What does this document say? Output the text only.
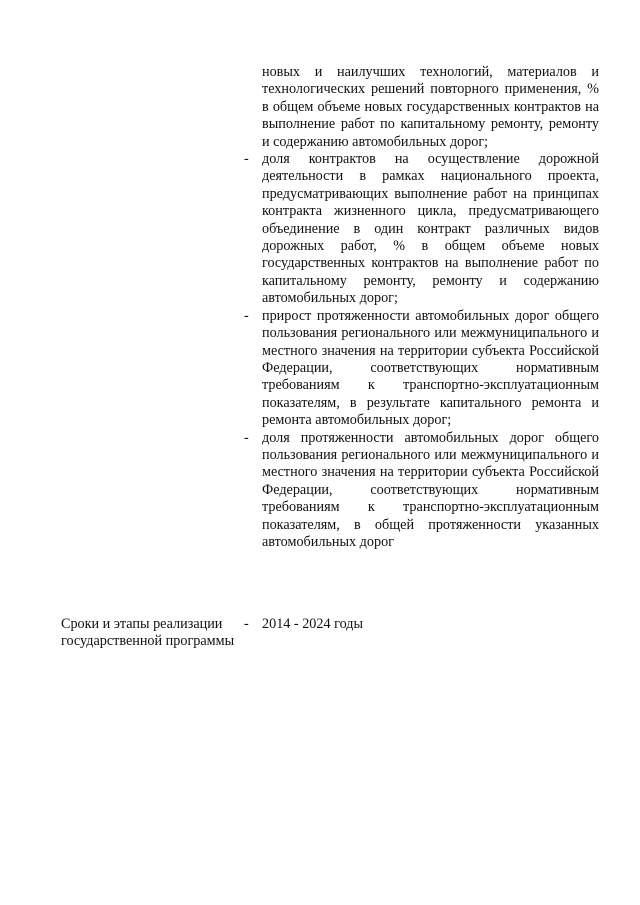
новых и наилучших технологий, материалов и технологических решений повторного применения, % в общем объеме новых государственных контрактов на выполнение работ по капитальному ремонту, ремонту и содержанию автомобильных дорог;

- доля контрактов на осуществление дорожной деятельности в рамках национального проекта, предусматривающих выполнение работ на принципах контракта жизненного цикла, предусматривающего объединение в один контракт различных видов дорожных работ, % в общем объеме новых государственных контрактов на выполнение работ по капитальному ремонту, ремонту и содержанию автомобильных дорог;

- прирост протяженности автомобильных дорог общего пользования регионального или межмуниципального и местного значения на территории субъекта Российской Федерации, соответствующих нормативным требованиям к транспортно-эксплуатационным показателям, в результате капитального ремонта и ремонта автомобильных дорог;

- доля протяженности автомобильных дорог общего пользования регионального или межмуниципального и местного значения на территории субъекта Российской Федерации, соответствующих нормативным требованиям к транспортно-эксплуатационным показателям, в общей протяженности указанных автомобильных дорог

Сроки и этапы реализации государственной программы
- 2014 - 2024 годы
